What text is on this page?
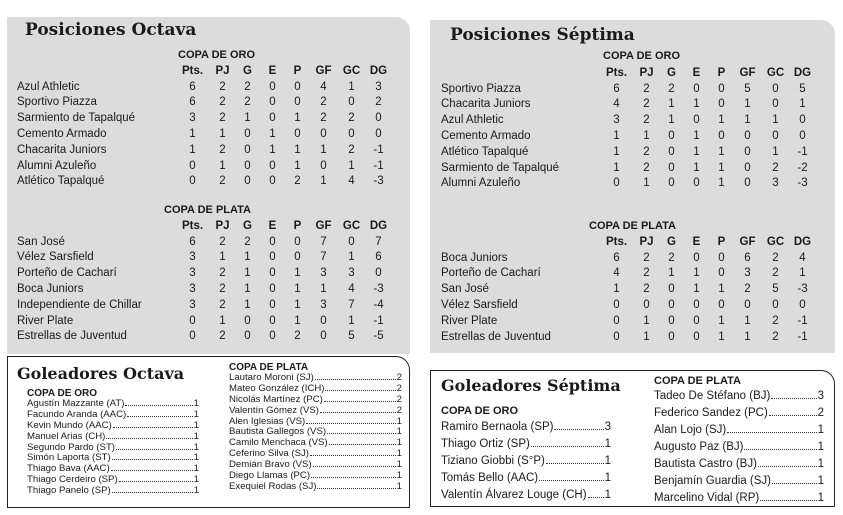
Posiciones Octava
COPA DE ORO
	Pts.	PJ	G	E	P	GF	GC	DG
Azul Athletic	6	2	2	0	0	4	1	3
Sportivo Piazza	6	2	2	0	0	2	0	2
Sarmiento de Tapalqué	3	2	1	0	1	2	2	0
Cemento Armado	1	1	0	1	0	0	0	0
Chacarita Juniors	1	2	0	1	1	1	2	-1
Alumni Azuleño	0	1	0	0	1	0	1	-1
Atlético Tapalqué	0	2	0	0	2	1	4	-3
COPA DE PLATA
	Pts.	PJ	G	E	P	GF	GC	DG
San José	6	2	2	0	0	7	0	7
Vélez Sarsfield	3	1	1	0	0	7	1	6
Porteño de Cacharí	3	2	1	0	1	3	3	0
Boca Juniors	3	2	1	0	1	1	4	-3
Independiente de Chillar	3	2	1	0	1	3	7	-4
River Plate	0	1	0	0	1	0	1	-1
Estrellas de Juventud	0	2	0	0	2	0	5	-5
Posiciones Séptima
COPA DE ORO
	Pts.	PJ	G	E	P	GF	GC	DG
Sportivo Piazza	6	2	2	0	0	5	0	5
Chacarita Juniors	4	2	1	1	0	1	0	1
Azul Athletic	3	2	1	0	1	1	1	0
Cemento Armado	1	1	0	1	0	0	0	0
Atlético Tapalqué	1	2	0	1	1	0	1	-1
Sarmiento de Tapalqué	1	2	0	1	1	0	2	-2
Alumni Azuleño	0	1	0	0	1	0	3	-3
COPA DE PLATA
	Pts.	PJ	G	E	P	GF	GC	DG
Boca Juniors	6	2	2	0	0	6	2	4
Porteño de Cacharí	4	2	1	1	0	3	2	1
San José	1	2	0	1	1	2	5	-3
Vélez Sarsfield	0	0	0	0	0	0	0	0
River Plate	0	1	0	0	1	1	2	-1
Estrellas de Juventud	0	1	0	0	1	1	2	-1
Goleadores Octava
COPA DE ORO
Agustín Mazzante (AT)	1
Facundo Aranda (AAC)	1
Kevin Mundo (AAC)	1
Manuel Arias (CH)	1
Segundo Pardo (ST)	1
Simón Laporta (ST)	1
Thiago Bava (AAC)	1
Thiago Cerdeiro (SP)	1
Thiago Panelo (SP)	1
COPA DE PLATA
Lautaro Moroni (SJ)	2
Mateo González (ICH)	2
Nicolás Martínez (PC)	2
Valentín Gómez (VS)	2
Alen Iglesias (VS)	1
Bautista Gallegos (VS)	1
Camilo Menchaca (VS)	1
Ceferino Silva (SJ)	1
Demián Bravo (VS)	1
Diego Llamas (PC)	1
Exequiel Rodas (SJ)	1
Goleadores Séptima
COPA DE ORO
Ramiro Bernaola (SP)	3
Thiago Ortiz (SP)	1
Tiziano Giobbi (S°P)	1
Tomás Bello (AAC)	1
Valentín Álvarez Louge (CH) 1
COPA DE PLATA
Tadeo De Stéfano (BJ)	3
Federico Sandez (PC)	2
Alan Lojo (SJ)	1
Augusto Paz (BJ)	1
Bautista Castro (BJ)	1
Benjamín Guardia (SJ)	1
Marcelino Vidal (RP)	1
